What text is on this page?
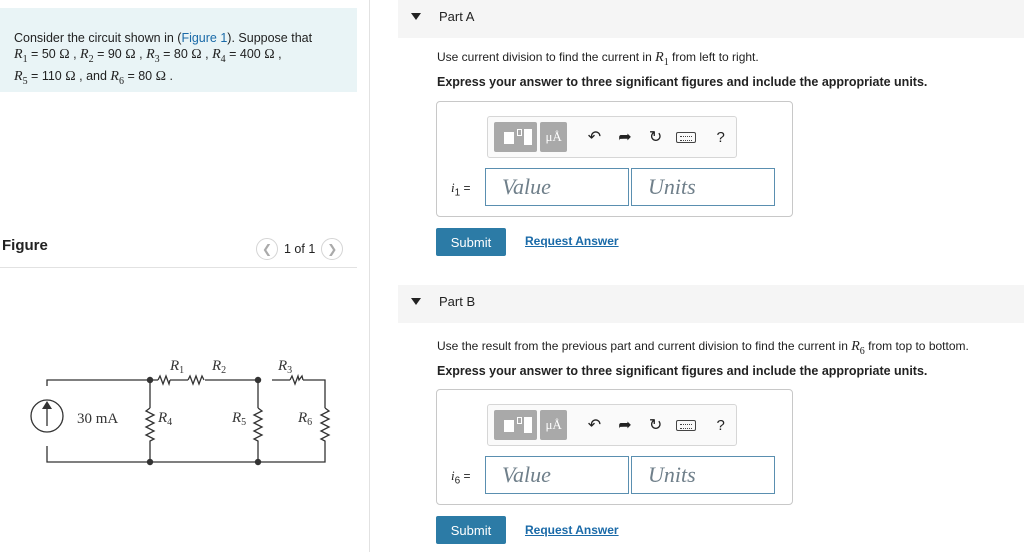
Consider the circuit shown in (Figure 1). Suppose that
$R_1 = 50$ Ω , $R_2 = 90$ Ω , $R_3 = 80$ Ω , $R_4 = 400$ Ω ,
$R_5 = 110$ Ω , and $R_6 = 80$ Ω .
Figure	❮ 1 of 1 ❯
30 mA
$R_1$ $R_2$	$R_3$
$R_4$	$R_5$	$R_6$
Part A
Use current division to find the current in $R_1$ from left to right.
Express your answer to three significant figures and include the appropriate units.
μÅ	↶	➦	↻	?
$i_1$ =	Value	Units
Submit	Request Answer
Part B
Use the result from the previous part and current division to find the current in $R_6$ from top to bottom.
Express your answer to three significant figures and include the appropriate units.
μÅ	↶	➦	↻	?
$i_6$ =	Value	Units
Submit	Request Answer
